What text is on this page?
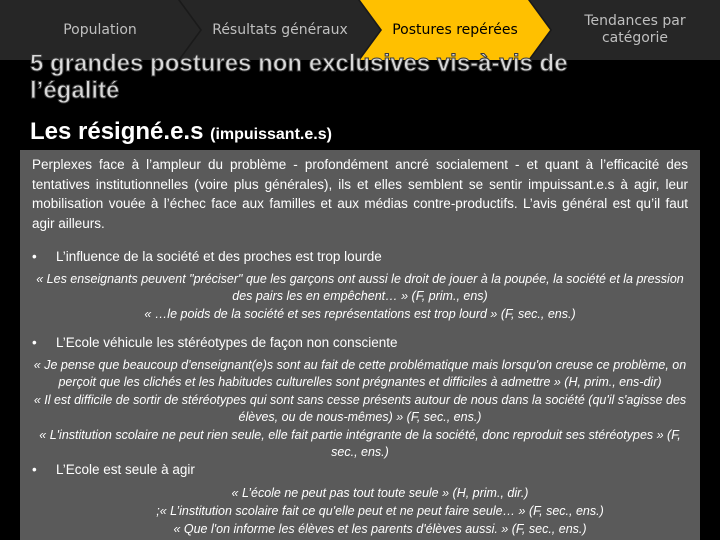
Population	Résultats généraux	Postures repérées
Tendances par catégorie
5 grandes postures non exclusives vis-à-vis de
l’égalité
Les résigné.e.s (impuissant.e.s)

Perplexes face à l’ampleur du problème - profondément ancré socialement - et quant à l’efficacité des tentatives institutionnelles (voire plus générales), ils et elles semblent se sentir impuissant.e.s à agir, leur mobilisation vouée à l’échec face aux familles et aux médias contre-productifs. L’avis général est qu’il faut agir ailleurs.

• L’influence de la société et des proches est trop lourde

« Les enseignants peuvent "préciser" que les garçons ont aussi le droit de jouer à la poupée, la société et la pression des pairs les en empêchent… » (F, prim., ens)

« …le poids de la société et ses représentations est trop lourd » (F, sec., ens.)

• L’Ecole véhicule les stéréotypes de façon non consciente

« Je pense que beaucoup d'enseignant(e)s sont au fait de cette problématique mais lorsqu'on creuse ce problème, on perçoit que les clichés et les habitudes culturelles sont prégnantes et difficiles à admettre » (H, prim., ens-dir)

« Il est difficile de sortir de stéréotypes qui sont sans cesse présents autour de nous dans la société (qu'il s'agisse des élèves, ou de nous-mêmes) » (F, sec., ens.)

« L'institution scolaire ne peut rien seule, elle fait partie intégrante de la société, donc reproduit ses stéréotypes » (F, sec., ens.)

• L’Ecole est seule à agir

« L’école ne peut pas tout toute seule » (H, prim., dir.)
;« L’institution scolaire fait ce qu'elle peut et ne peut faire seule… » (F, sec., ens.)
« Que l'on informe les élèves et les parents d'élèves aussi. » (F, sec., ens.)
